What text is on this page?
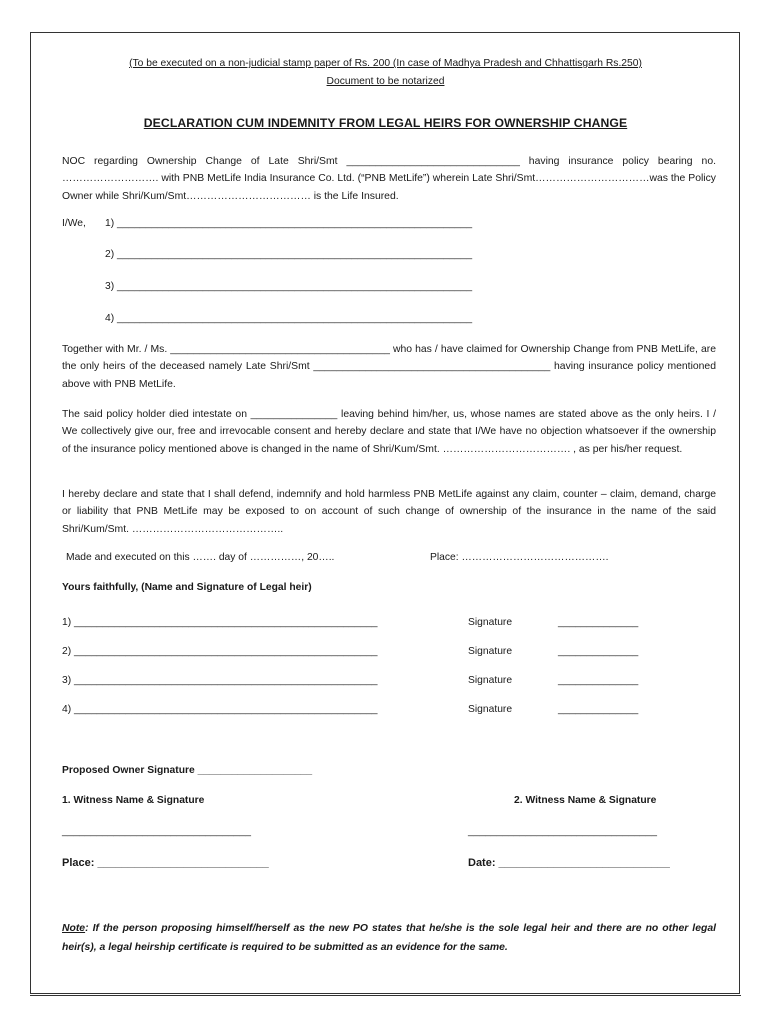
(To be executed on a non-judicial stamp paper of Rs. 200 (In case of Madhya Pradesh and Chhattisgarh Rs.250)
Document to be notarized
DECLARATION CUM INDEMNITY FROM LEGAL HEIRS FOR OWNERSHIP CHANGE
NOC regarding Ownership Change of Late Shri/Smt ______________________________ having insurance policy bearing no. ………………………. with PNB MetLife India Insurance Co. Ltd. (“PNB MetLife”) wherein Late Shri/Smt……………………………was the Policy Owner while Shri/Kum/Smt……………………………… is the Life Insured.
I/We, 1) ______________________________________________________________
2) ______________________________________________________________
3) ______________________________________________________________
4) ______________________________________________________________
Together with Mr. / Ms. ______________________________________ who has / have claimed for Ownership Change from PNB MetLife, are the only heirs of the deceased namely Late Shri/Smt _________________________________________ having insurance policy mentioned above with PNB MetLife.
The said policy holder died intestate on _______________ leaving behind him/her, us, whose names are stated above as the only heirs. I / We collectively give our, free and irrevocable consent and hereby declare and state that I/We have no objection whatsoever if the ownership of the insurance policy mentioned above is changed in the name of Shri/Kum/Smt. ………………………………. , as per his/her request.
I hereby declare and state that I shall defend, indemnify and hold harmless PNB MetLife against any claim, counter – claim, demand, charge or liability that PNB MetLife may be exposed to on account of such change of ownership of the insurance in the name of the said Shri/Kum/Smt. ……………………………………..
Made and executed on this ……. day of ……………, 20…..	Place: …………………………………….
Yours faithfully, (Name and Signature of Legal heir)
1) _____________________________________________________	Signature	______________
2) _____________________________________________________	Signature	______________
3) _____________________________________________________	Signature	______________
4) _____________________________________________________	Signature	______________
Proposed Owner Signature ____________________
1. Witness Name & Signature	2. Witness Name & Signature
_________________________________	_________________________________
Place: ____________________________	Date: ____________________________
Note: If the person proposing himself/herself as the new PO states that he/she is the sole legal heir and there are no other legal heir(s), a legal heirship certificate is required to be submitted as an evidence for the same.
